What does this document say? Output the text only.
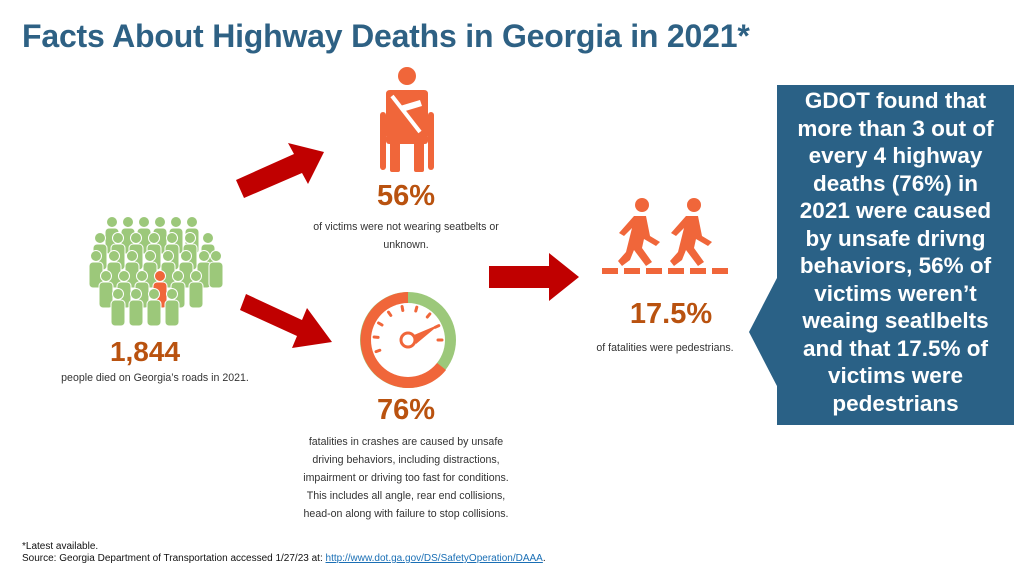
Facts About Highway Deaths in Georgia in 2021*
1,844
people died on Georgia’s roads in 2021.
56%
of victims were not wearing seatbelts or
unknown.
76%
fatalities in crashes are caused by unsafe
driving behaviors, including distractions,
impairment or driving too fast for conditions.
This includes all angle, rear end collisions,
head-on along with failure to stop collisions.
17.5%
of fatalities were pedestrians.
GDOT found that
more than 3 out of
every 4 highway
deaths (76%) in
2021 were caused
by unsafe drivng
behaviors, 56% of
victims weren’t
weaing seatlbelts
and that 17.5% of
victims were
pedestrians
*Latest available.
Source: Georgia Department of Transportation accessed 1/27/23 at: http://www.dot.ga.gov/DS/SafetyOperation/DAAA.
